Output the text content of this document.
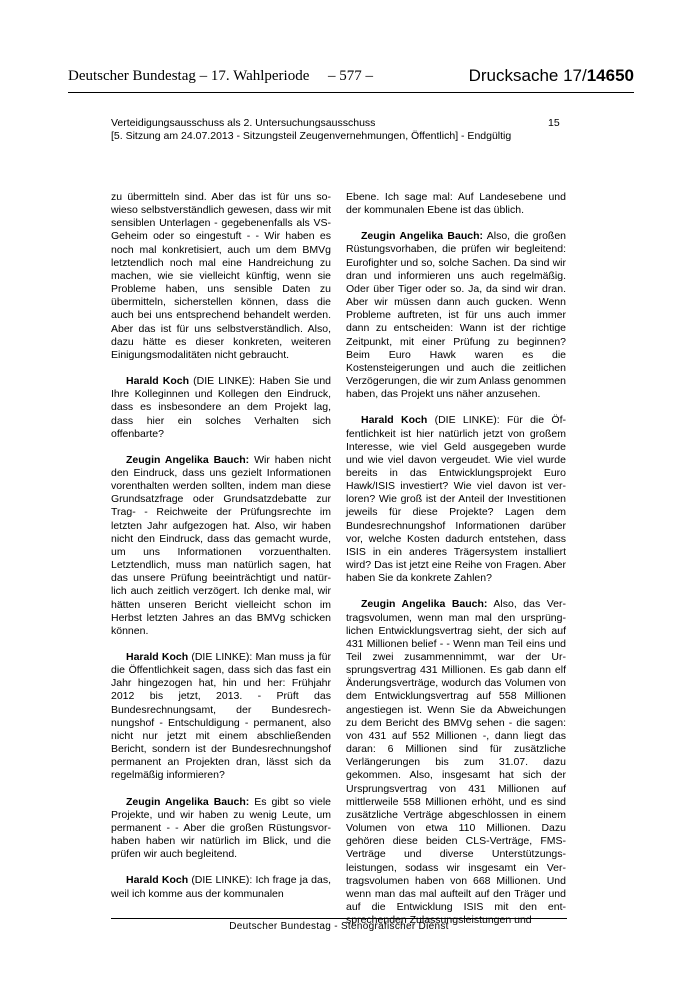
Deutscher Bundestag – 17. Wahlperiode – 577 –	Drucksache 17/14650
Verteidigungsausschuss als 2. Untersuchungsausschuss
[5. Sitzung am 24.07.2013 - Sitzungsteil Zeugenvernehmungen, Öffentlich] - Endgültig
15

zu übermitteln sind. Aber das ist für uns sowieso selbstverständlich gewesen, dass wir mit sensiblen Unterlagen - gegebenenfalls als VS-Geheim oder so eingestuft - - Wir haben es noch mal konkretisiert, auch um dem BMVg letztendlich noch mal eine Handreichung zu machen, wie sie vielleicht künftig, wenn sie Probleme haben, uns sensible Daten zu übermitteln, sicherstellen können, dass die auch bei uns entsprechend behandelt werden. Aber das ist für uns selbstverständlich. Also, dazu hätte es dieser konkreten, weiteren Einigungsmodalitäten nicht gebraucht.

Harald Koch (DIE LINKE): Haben Sie und Ihre Kolleginnen und Kollegen den Eindruck, dass es insbesondere an dem Projekt lag, dass hier ein solches Verhalten sich offenbarte?

Zeugin Angelika Bauch: Wir haben nicht den Eindruck, dass uns gezielt Informationen vorenthalten werden sollten, indem man diese Grundsatzfrage oder Grundsatzdebatte zur Trag- - Reichweite der Prüfungsrechte im letzten Jahr aufgezogen hat. Also, wir haben nicht den Eindruck, dass das gemacht wurde, um uns Informationen vorzuenthalten. Letztendlich, muss man natürlich sagen, hat das unsere Prüfung beeinträchtigt und natürlich auch zeitlich verzögert. Ich denke mal, wir hätten unseren Bericht vielleicht schon im Herbst letzten Jahres an das BMVg schicken können.

Harald Koch (DIE LINKE): Man muss ja für die Öffentlichkeit sagen, dass sich das fast ein Jahr hingezogen hat, hin und her: Frühjahr 2012 bis jetzt, 2013. - Prüft das Bundesrechnungsamt, der Bundesrechnungshof - Entschuldigung - permanent, also nicht nur jetzt mit einem abschließenden Bericht, sondern ist der Bundesrechnungshof permanent an Projekten dran, lässt sich da regelmäßig informieren?

Zeugin Angelika Bauch: Es gibt so viele Projekte, und wir haben zu wenig Leute, um permanent - - Aber die großen Rüstungsvorhaben haben wir natürlich im Blick, und die prüfen wir auch begleitend.

Harald Koch (DIE LINKE): Ich frage ja das, weil ich komme aus der kommunalen

Ebene. Ich sage mal: Auf Landesebene und der kommunalen Ebene ist das üblich.

Zeugin Angelika Bauch: Also, die großen Rüstungsvorhaben, die prüfen wir begleitend: Eurofighter und so, solche Sachen. Da sind wir dran und informieren uns auch regelmäßig. Oder über Tiger oder so. Ja, da sind wir dran. Aber wir müssen dann auch gucken. Wenn Probleme auftreten, ist für uns auch immer dann zu entscheiden: Wann ist der richtige Zeitpunkt, mit einer Prüfung zu beginnen? Beim Euro Hawk waren es die Kostensteigerungen und auch die zeitlichen Verzögerungen, die wir zum Anlass genommen haben, das Projekt uns näher anzusehen.

Harald Koch (DIE LINKE): Für die Öffentlichkeit ist hier natürlich jetzt von großem Interesse, wie viel Geld ausgegeben wurde und wie viel davon vergeudet. Wie viel wurde bereits in das Entwicklungsprojekt Euro Hawk/ISIS investiert? Wie viel davon ist verloren? Wie groß ist der Anteil der Investitionen jeweils für diese Projekte? Lagen dem Bundesrechnungshof Informationen darüber vor, welche Kosten dadurch entstehen, dass ISIS in ein anderes Trägersystem installiert wird? Das ist jetzt eine Reihe von Fragen. Aber haben Sie da konkrete Zahlen?

Zeugin Angelika Bauch: Also, das Vertragsvolumen, wenn man mal den ursprünglichen Entwicklungsvertrag sieht, der sich auf 431 Millionen belief - - Wenn man Teil eins und Teil zwei zusammennimmt, war der Ursprungsvertrag 431 Millionen. Es gab dann elf Änderungsverträge, wodurch das Volumen von dem Entwicklungsvertrag auf 558 Millionen angestiegen ist. Wenn Sie da Abweichungen zu dem Bericht des BMVg sehen - die sagen: von 431 auf 552 Millionen -, dann liegt das daran: 6 Millionen sind für zusätzliche Verlängerungen bis zum 31.07. dazu gekommen. Also, insgesamt hat sich der Ursprungsvertrag von 431 Millionen auf mittlerweile 558 Millionen erhöht, und es sind zusätzliche Verträge abgeschlossen in einem Volumen von etwa 110 Millionen. Dazu gehören diese beiden CLS-Verträge, FMS-Verträge und diverse Unterstützungsleistungen, sodass wir insgesamt ein Vertragsvolumen haben von 668 Millionen. Und wenn man das mal aufteilt auf den Träger und auf die Entwicklung ISIS mit den entsprechenden Zulassungsleistungen und

Deutscher Bundestag - Stenografischer Dienst
